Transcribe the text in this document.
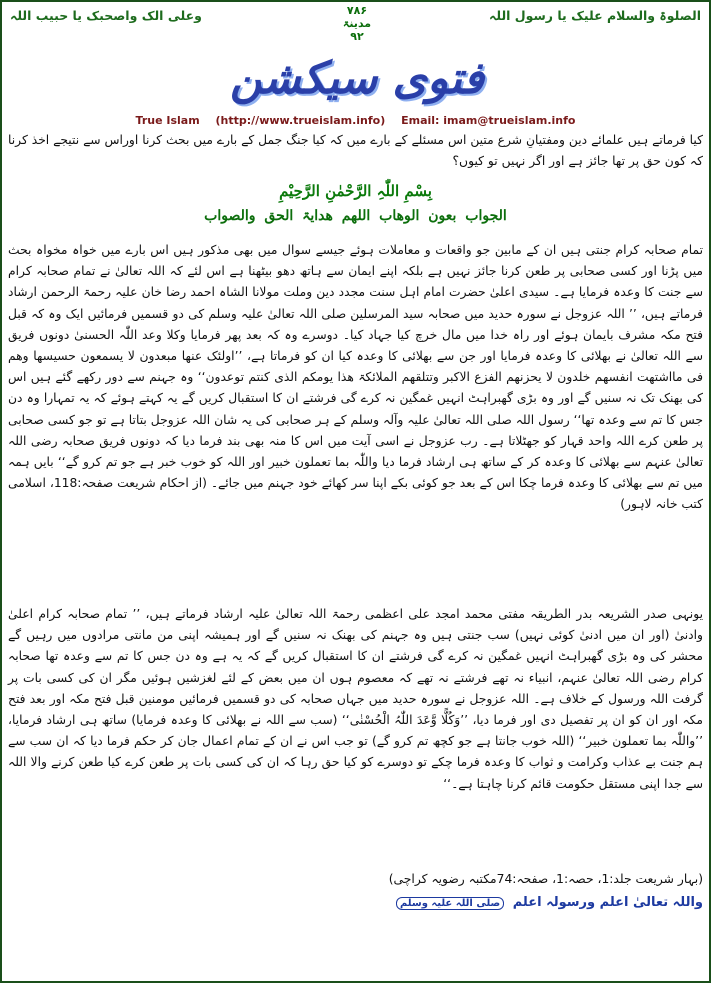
الصلوۃ والسلام علیک یا رسول اللہ
وعلی الک واصحبک یا حبیب اللہ	۷۸۶
مدینۃ
۹۲
فتوی سیکشن
True Islam (http://www.trueislam.info) Email: imam@trueislam.info
کیا فرماتے ہیں علمائے دین ومفتیانِ شرع متین اس مسئلے کے بارے میں کہ کیا جنگ جمل کے بارے میں بحث کرنا اوراس سے نتیجے اخذ کرنا کہ کون حق پر تھا جائز ہے اور اگر نہیں تو کیوں؟
بِسْمِ اللّٰہِ الرَّحْمٰنِ الرَّحِیْمِ
الجواب بعون الوھاب اللھم ھدایۃ الحق والصواب
تمام صحابہ کرام جنتی ہیں ان کے مابین جو واقعات و معاملات ہوئے جیسے سوال میں بھی مذکور ہیں اس بارے میں خواہ مخواہ بحث میں پڑنا اور کسی صحابی پر طعن کرنا جائز نہیں ہے بلکہ اپنے ایمان سے ہاتھ دھو بیٹھنا ہے اس لئے کہ اللہ تعالیٰ نے تمام صحابہ کرام سے جنت کا وعدہ فرمایا ہے۔ سیدی اعلیٰ حضرت امام اہل سنت مجدد دین وملت مولانا الشاہ احمد رضا خان علیہ رحمۃ الرحمن ارشاد فرماتے ہیں، ’’ اللہ عزوجل نے سورہ حدید میں صحابہ سید المرسلین صلی اللہ تعالیٰ علیہ وسلم کی دو قسمیں فرمائیں ایک وہ کہ قبل فتح مکہ مشرف بایمان ہوئے اور راہ خدا میں مال خرچ کیا جہاد کیا۔ دوسرے وہ کہ بعد پھر فرمایا وکلا وعد اللّٰہ الحسنیٰ دونوں فریق سے اللہ تعالیٰ نے بھلائی کا وعدہ فرمایا اور جن سے بھلائی کا وعدہ کیا ان کو فرماتا ہے، ’’اولئک عنھا مبعدون لا یسمعون حسیسھا وھم فی مااشتھت انفسھم خلدون لا یحزنھم الفزع الاکبر وتتلقھم الملائکۃ ھذا یومکم الذی کنتم توعدون‘‘ وہ جہنم سے دور رکھے گئے ہیں اس کی بھنک تک نہ سنیں گے اور وہ بڑی گھبراہٹ انہیں غمگین نہ کرے گی فرشتے ان کا استقبال کریں گے یہ کہتے ہوئے کہ یہ تمہارا وہ دن جس کا تم سے وعدہ تھا‘‘ رسول اللہ صلی اللہ تعالیٰ علیہ وآلہ وسلم کے ہر صحابی کی یہ شان اللہ عزوجل بتاتا ہے تو جو کسی صحابی پر طعن کرے اللہ واحد قہار کو جھٹلاتا ہے۔ رب عزوجل نے اسی آیت میں اس کا منہ بھی بند فرما دیا کہ دونوں فریق صحابہ رضی اللہ تعالیٰ عنہم سے بھلائی کا وعدہ کر کے ساتھ ہی ارشاد فرما دیا واللّٰہ بما تعملون خبیر اور اللہ کو خوب خبر ہے جو تم کرو گے‘‘ بایں ہمہ میں تم سے بھلائی کا وعدہ فرما چکا اس کے بعد جو کوئی بکے اپنا سر کھائے خود جہنم میں جائے۔ (از احکام شریعت صفحہ:118، اسلامی کتب خانہ لاہور)
یونہی صدر الشریعہ بدر الطریقہ مفتی محمد امجد علی اعظمی رحمۃ اللہ تعالیٰ علیہ ارشاد فرماتے ہیں، ’’ تمام صحابہ کرام اعلیٰ وادنیٰ (اور ان میں ادنیٰ کوئی نہیں) سب جنتی ہیں وہ جہنم کی بھنک نہ سنیں گے اور ہمیشہ اپنی من مانتی مرادوں میں رہیں گے محشر کی وہ بڑی گھبراہٹ انہیں غمگین نہ کرے گی فرشتے ان کا استقبال کریں گے کہ یہ ہے وہ دن جس کا تم سے وعدہ تھا صحابہ کرام رضی اللہ تعالیٰ عنہم، انبیاء نہ تھے فرشتے نہ تھے کہ معصوم ہوں ان میں بعض کے لئے لغزشیں ہوئیں مگر ان کی کسی بات پر گرفت اللہ ورسول کے خلاف ہے۔ اللہ عزوجل نے سورہ حدید میں جہاں صحابہ کی دو قسمیں فرمائیں مومنین قبل فتح مکہ اور بعد فتح مکہ اور ان کو ان پر تفصیل دی اور فرما دیا، ’’وَکُلًّا وَّعَدَ اللّٰہُ الْحُسْنٰی‘‘ (سب سے اللہ نے بھلائی کا وعدہ فرمایا) ساتھ ہی ارشاد فرمایا، ’’واللّٰہ بما تعملون خبیر‘‘ (اللہ خوب جانتا ہے جو کچھ تم کرو گے) تو جب اس نے ان کے تمام اعمال جان کر حکم فرما دیا کہ ان سب سے ہم جنت بے عذاب وکرامت و ثواب کا وعدہ فرما چکے تو دوسرے کو کیا حق رہا کہ ان کی کسی بات پر طعن کرے کیا طعن کرنے والا اللہ سے جدا اپنی مستقل حکومت قائم کرنا چاہتا ہے۔‘‘
(بہار شریعت جلد:1، حصہ:1، صفحہ:74مکتبہ رضویہ کراچی)
واللہ تعالیٰ اعلم ورسولہ اعلم صلی اللہ علیہ وسلم
